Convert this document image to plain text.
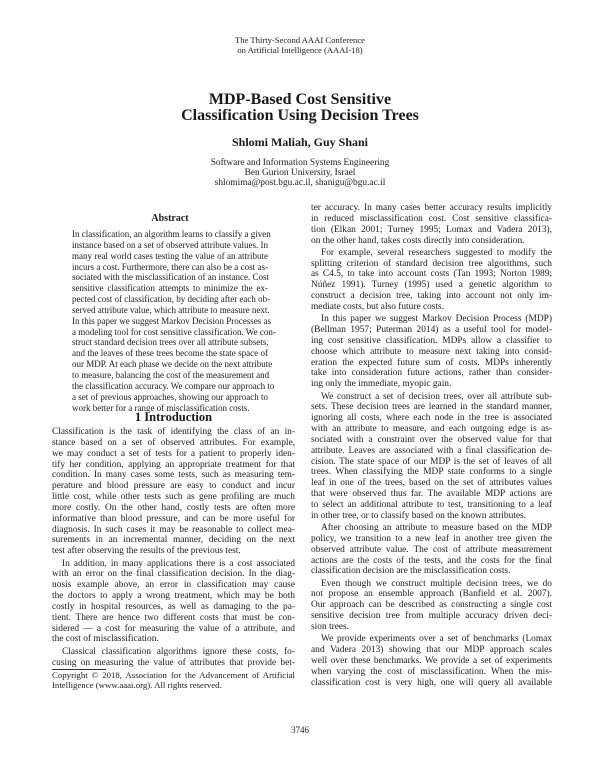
The Thirty-Second AAAI Conference
on Artificial Intelligence (AAAI-18)
MDP-Based Cost Sensitive
Classification Using Decision Trees
Shlomi Maliah, Guy Shani
Software and Information Systems Engineering
Ben Gurion University, Israel
shlomima@post.bgu.ac.il, shanigu@bgu.ac.il
Abstract
In classification, an algorithm learns to classify a given
instance based on a set of observed attribute values. In
many real world cases testing the value of an attribute
incurs a cost. Furthermore, there can also be a cost as-
sociated with the misclassification of an instance. Cost
sensitive classification attempts to minimize the ex-
pected cost of classification, by deciding after each ob-
served attribute value, which attribute to measure next.
In this paper we suggest Markov Decision Processes as
a modeling tool for cost sensitive classification. We con-
struct standard decision trees over all attribute subsets,
and the leaves of these trees become the state space of
our MDP. At each phase we decide on the next attribute
to measure, balancing the cost of the measurement and
the classification accuracy. We compare our approach to
a set of previous approaches, showing our approach to
work better for a range of misclassification costs.
1 Introduction
Classification is the task of identifying the class of an in-
stance based on a set of observed attributes. For example,
we may conduct a set of tests for a patient to properly iden-
tify her condition, applying an appropriate treatment for that
condition. In many cases some tests, such as measuring tem-
perature and blood pressure are easy to conduct and incur
little cost, while other tests such as gene profiling are much
more costly. On the other hand, costly tests are often more
informative than blood pressure, and can be more useful for
diagnosis. In such cases it may be reasonable to collect mea-
surements in an incremental manner, deciding on the next
test after observing the results of the previous test.
In addition, in many applications there is a cost associated
with an error on the final classification decision. In the diag-
nosis example above, an error in classification may cause
the doctors to apply a wrong treatment, which may be both
costly in hospital resources, as well as damaging to the pa-
tient. There are hence two different costs that must be con-
sidered — a cost for measuring the value of a attribute, and
the cost of misclassification.
Classical classification algorithms ignore these costs, fo-
cusing on measuring the value of attributes that provide bet-
ter accuracy. In many cases better accuracy results implicitly
in reduced misclassification cost. Cost sensitive classifica-
tion (Elkan 2001; Turney 1995; Lomax and Vadera 2013),
on the other hand, takes costs directly into consideration.
For example, several researchers suggested to modify the
splitting criterion of standard decision tree algorithms, such
as C4.5, to take into account costs (Tan 1993; Norton 1989;
Núñez 1991). Turney (1995) used a genetic algorithm to
construct a decision tree, taking into account not only im-
mediate costs, but also future costs.
In this paper we suggest Markov Decision Process (MDP)
(Bellman 1957; Puterman 2014) as a useful tool for model-
ing cost sensitive classification. MDPs allow a classifier to
choose which attribute to measure next taking into consid-
eration the expected future sum of costs. MDPs inherently
take into consideration future actions, rather than consider-
ing only the immediate, myopic gain.
We construct a set of decision trees, over all attribute sub-
sets. These decision trees are learned in the standard manner,
ignoring all costs, where each node in the tree is associated
with an attribute to measure, and each outgoing edge is as-
sociated with a constraint over the observed value for that
attribute. Leaves are associated with a final classification de-
cision. The state space of our MDP is the set of leaves of all
trees. When classifying the MDP state conforms to a single
leaf in one of the trees, based on the set of attributes values
that were observed thus far. The available MDP actions are
to select an additional attribute to test, transitioning to a leaf
in other tree, or to classify based on the known attributes.
After choosing an attribute to measure based on the MDP
policy, we transition to a new leaf in another tree given the
observed attribute value. The cost of attribute measurement
actions are the costs of the tests, and the costs for the final
classification decision are the misclassification costs.
Even though we construct multiple decision trees, we do
not propose an ensemble approach (Banfield et al. 2007).
Our approach can be described as constructing a single cost
sensitive decision tree from multiple accuracy driven deci-
sion trees.
We provide experiments over a set of benchmarks (Lomax
and Vadera 2013) showing that our MDP approach scales
well over these benchmarks. We provide a set of experiments
when varying the cost of misclassification. When the mis-
classification cost is very high, one will query all available
Copyright © 2018, Association for the Advancement of Artificial
Intelligence (www.aaai.org). All rights reserved.
3746
